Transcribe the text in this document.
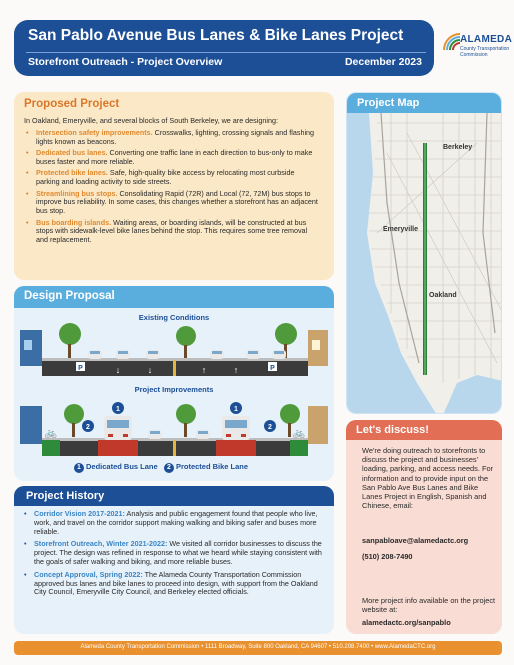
San Pablo Avenue Bus Lanes & Bike Lanes Project
Storefront Outreach - Project Overview	December 2023
ALAMEDA
County Transportation Commission
Proposed Project
In Oakland, Emeryville, and several blocks of South Berkeley, we are designing:
• Intersection safety improvements. Crosswalks, lighting, crossing signals and flashing lights known as beacons.
• Dedicated bus lanes. Converting one traffic lane in each direction to bus-only to make buses faster and more reliable.
• Protected bike lanes. Safe, high-quality bike access by relocating most curbside parking and loading activity to side streets.
• Streamlining bus stops. Consolidating Rapid (72R) and Local (72, 72M) bus stops to improve bus reliability. In some cases, this changes whether a storefront has an adjacent bus stop.
• Bus boarding islands. Waiting areas, or boarding islands, will be constructed at bus stops with sidewalk-level bike lanes behind the stop. This requires some tree removal and replacement.
Design Proposal
Existing Conditions
P	P
↓	↓	↑	↑
Project Improvements
🚲	🚲
1	1
2	2
1 Dedicated Bus Lane 2 Protected Bike Lane
Project History
• Corridor Vision 2017-2021: Analysis and public engagement found that people who live, work, and travel on the corridor support making walking and biking safer and buses more reliable.
• Storefront Outreach, Winter 2021-2022: We visited all corridor businesses to discuss the project. The design was refined in response to what we heard while staying consistent with the goals of safer walking and biking, and more reliable buses.
• Concept Approval, Spring 2022: The Alameda County Transportation Commission approved bus lanes and bike lanes to proceed into design, with support from the Oakland City Council, Emeryville City Council, and Berkeley elected officials.
Project Map
Berkeley
Emeryville
Oakland
Let's discuss!
We're doing outreach to storefronts to discuss the project and businesses' loading, parking, and access needs. For information and to provide input on the San Pablo Ave Bus Lanes and Bike Lanes Project in English, Spanish and Chinese, email:
sanpabloave@alamedactc.org
(510) 208-7490
More project info available on the project website at:
alamedactc.org/sanpablo
Alameda County Transportation Commission • 1111 Broadway, Suite 800 Oakland, CA 94607 • 510.208.7400 • www.AlamedaCTC.org
